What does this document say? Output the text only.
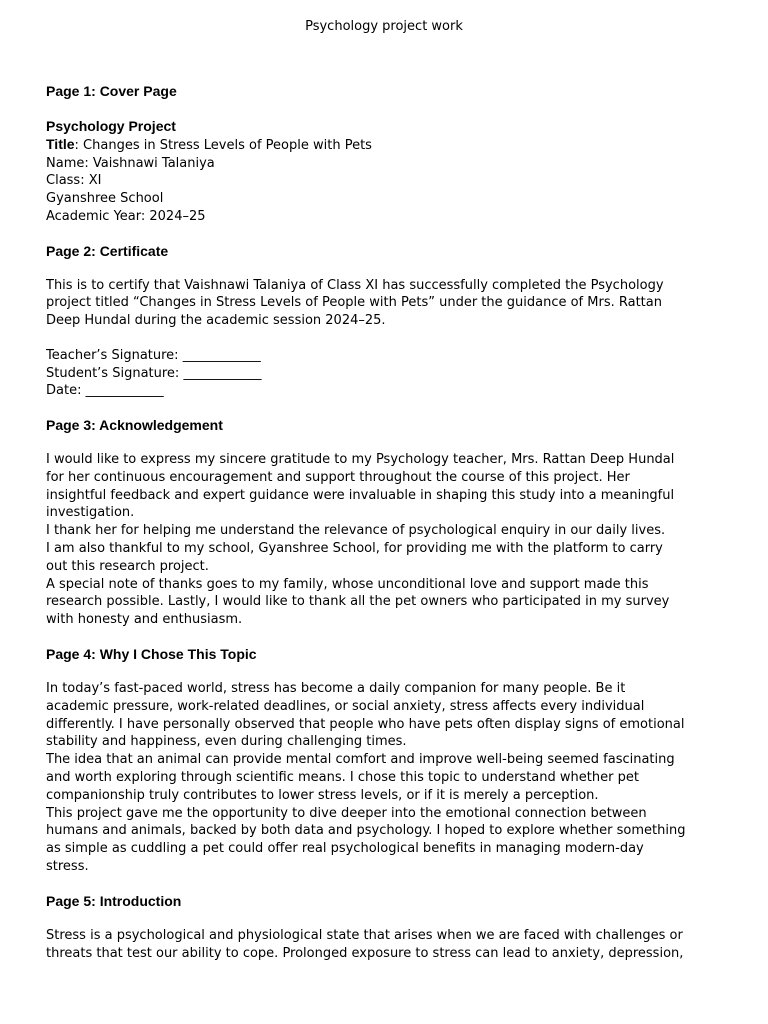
Psychology project work

Page 1: Cover Page

Psychology Project

Title: Changes in Stress Levels of People with Pets

Name: Vaishnawi Talaniya

Class: XI

Gyanshree School

Academic Year: 2024–25

Page 2: Certificate

This is to certify that Vaishnawi Talaniya of Class XI has successfully completed the Psychology project titled “Changes in Stress Levels of People with Pets” under the guidance of Mrs. Rattan Deep Hundal during the academic session 2024–25.

Teacher’s Signature: ____________

Student’s Signature: ____________

Date: ____________

Page 3: Acknowledgement

I would like to express my sincere gratitude to my Psychology teacher, Mrs. Rattan Deep Hundal for her continuous encouragement and support throughout the course of this project. Her insightful feedback and expert guidance were invaluable in shaping this study into a meaningful investigation.

I thank her for helping me understand the relevance of psychological enquiry in our daily lives.

I am also thankful to my school, Gyanshree School, for providing me with the platform to carry out this research project.

A special note of thanks goes to my family, whose unconditional love and support made this research possible. Lastly, I would like to thank all the pet owners who participated in my survey with honesty and enthusiasm.

Page 4: Why I Chose This Topic

In today’s fast-paced world, stress has become a daily companion for many people. Be it academic pressure, work-related deadlines, or social anxiety, stress affects every individual differently. I have personally observed that people who have pets often display signs of emotional stability and happiness, even during challenging times.

The idea that an animal can provide mental comfort and improve well-being seemed fascinating and worth exploring through scientific means. I chose this topic to understand whether pet companionship truly contributes to lower stress levels, or if it is merely a perception.

This project gave me the opportunity to dive deeper into the emotional connection between humans and animals, backed by both data and psychology. I hoped to explore whether something as simple as cuddling a pet could offer real psychological benefits in managing modern-day stress.

Page 5: Introduction

Stress is a psychological and physiological state that arises when we are faced with challenges or threats that test our ability to cope. Prolonged exposure to stress can lead to anxiety, depression,
